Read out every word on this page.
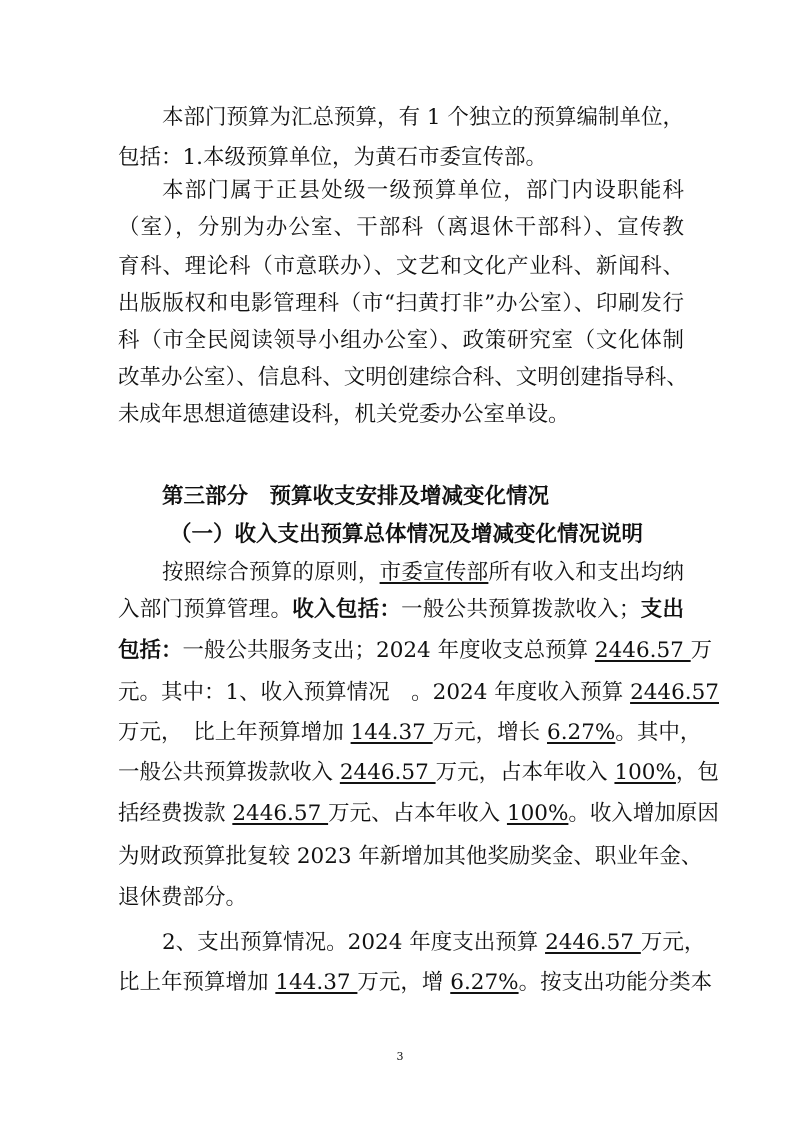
本部门预算为汇总预算，有 1 个独立的预算编制单位，
包括：1.本级预算单位，为黄石市委宣传部。
本部门属于正县处级一级预算单位，部门内设职能科
（室），分别为办公室、干部科（离退休干部科）、宣传教
育科、理论科（市意联办）、文艺和文化产业科、新闻科、
出版版权和电影管理科（市“扫黄打非”办公室）、印刷发行
科（市全民阅读领导小组办公室）、政策研究室（文化体制
改革办公室）、信息科、文明创建综合科、文明创建指导科、
未成年思想道德建设科，机关党委办公室单设。
第三部分　预算收支安排及增减变化情况
（一）收入支出预算总体情况及增减变化情况说明
按照综合预算的原则，市委宣传部所有收入和支出均纳
入部门预算管理。收入包括：一般公共预算拨款收入；支出
包括：一般公共服务支出；2024 年度收支总预算 2446.57 万
元。其中：1、收入预算情况　。2024 年度收入预算 2446.57
万元，　比上年预算增加 144.37 万元，增长 6.27%。其中，
一般公共预算拨款收入 2446.57 万元，占本年收入 100%，包
括经费拨款 2446.57 万元、占本年收入 100%。收入增加原因
为财政预算批复较 2023 年新增加其他奖励奖金、职业年金、
退休费部分。
2、支出预算情况。2024 年度支出预算 2446.57 万元，
比上年预算增加 144.37 万元，增 6.27%。按支出功能分类本
3
